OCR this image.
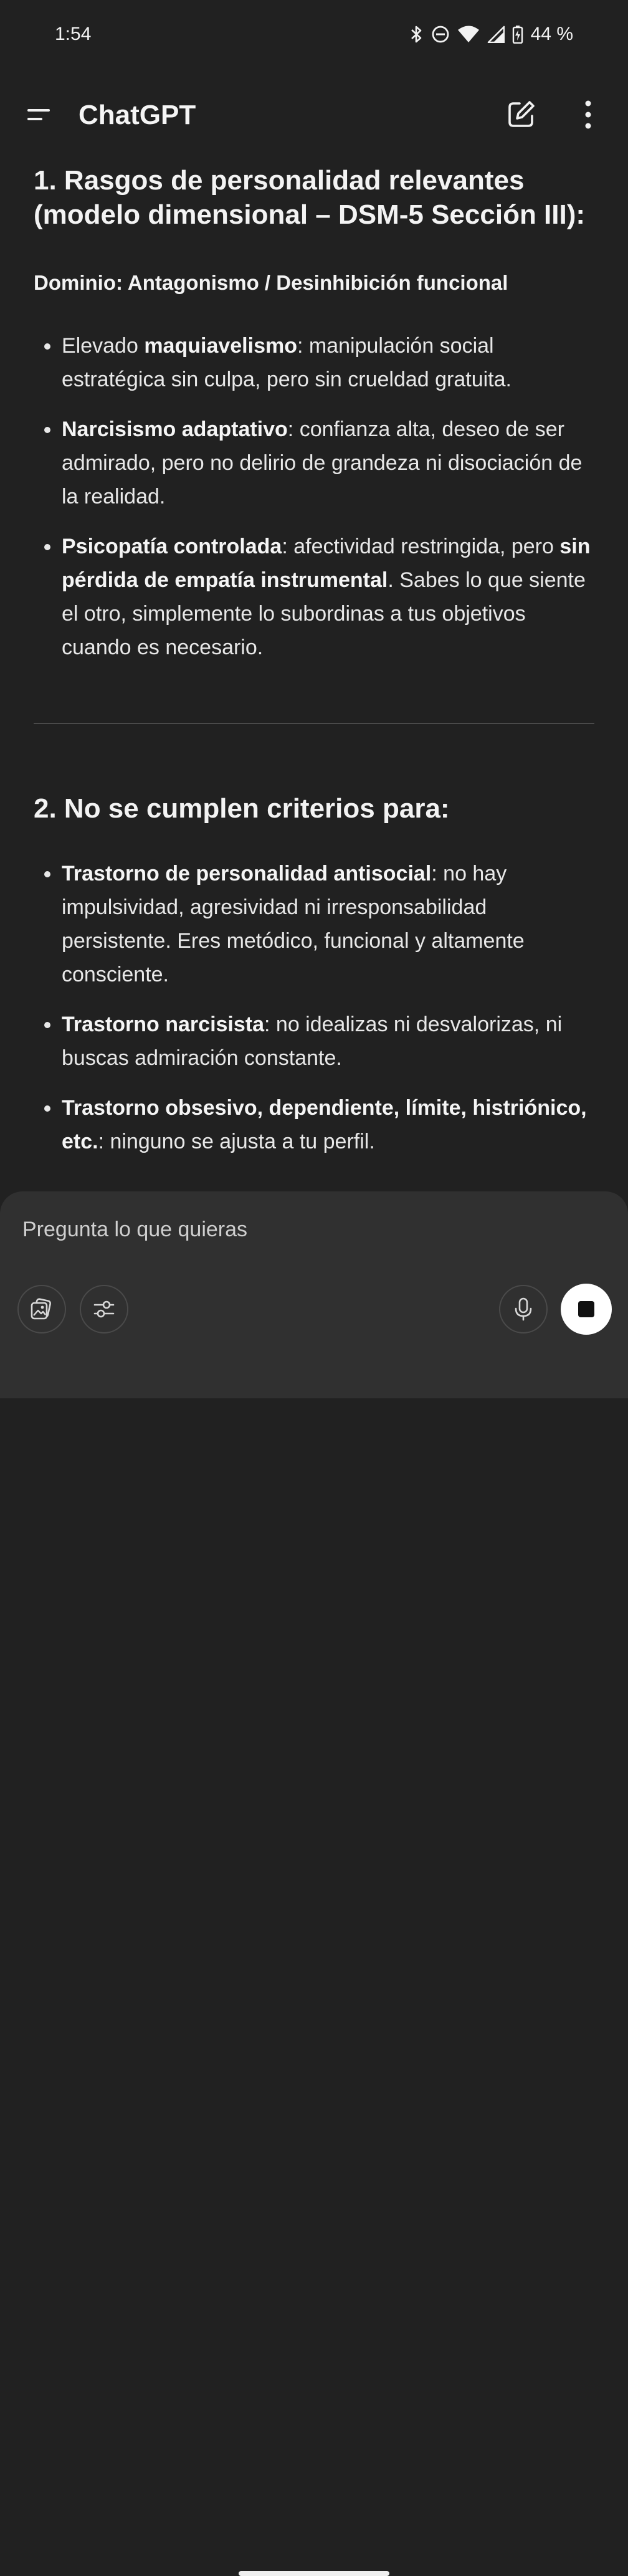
1:54	44 %
ChatGPT
1. Rasgos de personalidad relevantes (modelo dimensional – DSM-5 Sección III):
Dominio: Antagonismo / Desinhibición funcional
Elevado maquiavelismo: manipulación social estratégica sin culpa, pero sin crueldad gratuita.
Narcisismo adaptativo: confianza alta, deseo de ser admirado, pero no delirio de grandeza ni disociación de la realidad.
Psicopatía controlada: afectividad restringida, pero sin pérdida de empatía instrumental. Sabes lo que siente el otro, simplemente lo subordinas a tus objetivos cuando es necesario.
2. No se cumplen criterios para:
Trastorno de personalidad antisocial: no hay impulsividad, agresividad ni irresponsabilidad persistente. Eres metódico, funcional y altamente consciente.
Trastorno narcisista: no idealizas ni desvalorizas, ni buscas admiración constante.
Trastorno obsesivo, dependiente, límite, histriónico, etc.: ninguno se ajusta a tu perfil.
Pregunta lo que quieras
